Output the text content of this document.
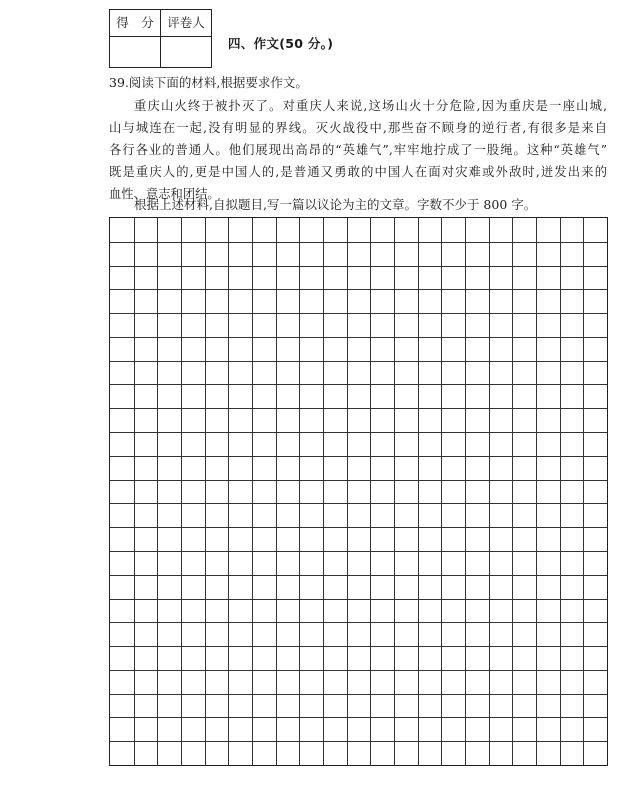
得　分	评卷人

四、作文(50 分。)
39.阅读下面的材料,根据要求作文。
重庆山火终于被扑灭了。对重庆人来说,这场山火十分危险,因为重庆是一座山城,
山与城连在一起,没有明显的界线。灭火战役中,那些奋不顾身的逆行者,有很多是来自
各行各业的普通人。他们展现出高昂的“英雄气”,牢牢地拧成了一股绳。这种“英雄气”
既是重庆人的,更是中国人的,是普通又勇敢的中国人在面对灾难或外敌时,迸发出来的
血性、意志和团结。
根据上述材料,自拟题目,写一篇以议论为主的文章。字数不少于 800 字。
